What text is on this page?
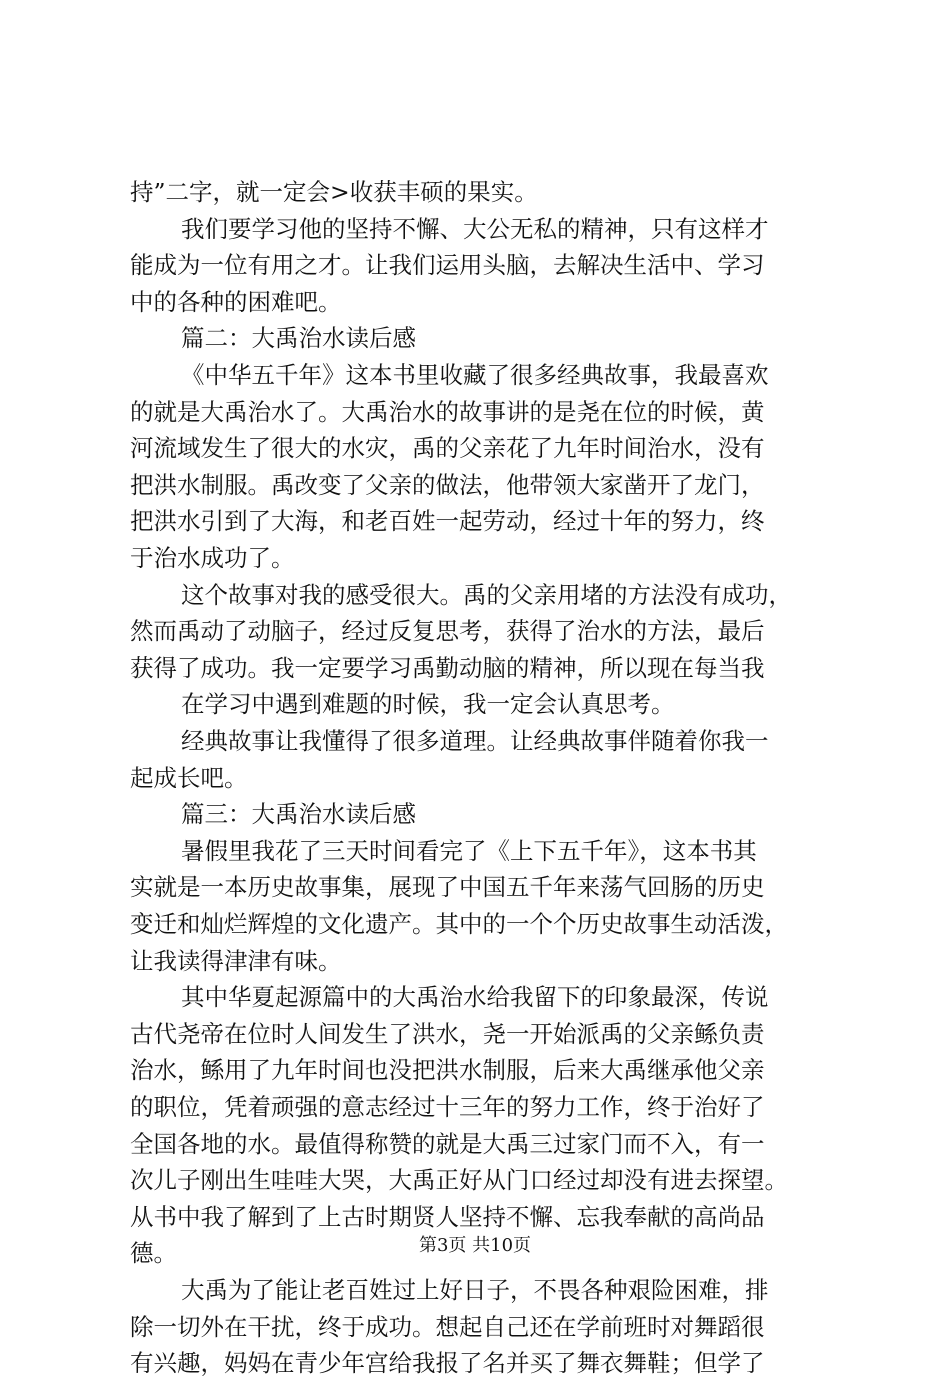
持”二字，就一定会>收获丰硕的果实。
我们要学习他的坚持不懈、大公无私的精神，只有这样才
能成为一位有用之才。让我们运用头脑，去解决生活中、学习
中的各种的困难吧。
篇二：大禹治水读后感
《中华五千年》这本书里收藏了很多经典故事，我最喜欢
的就是大禹治水了。大禹治水的故事讲的是尧在位的时候，黄
河流域发生了很大的水灾，禹的父亲花了九年时间治水，没有
把洪水制服。禹改变了父亲的做法，他带领大家凿开了龙门，
把洪水引到了大海，和老百姓一起劳动，经过十年的努力，终
于治水成功了。
这个故事对我的感受很大。禹的父亲用堵的方法没有成功，
然而禹动了动脑子，经过反复思考，获得了治水的方法，最后
获得了成功。我一定要学习禹勤动脑的精神，所以现在每当我
在学习中遇到难题的时候，我一定会认真思考。
经典故事让我懂得了很多道理。让经典故事伴随着你我一
起成长吧。
篇三：大禹治水读后感
暑假里我花了三天时间看完了《上下五千年》，这本书其
实就是一本历史故事集，展现了中国五千年来荡气回肠的历史
变迁和灿烂辉煌的文化遗产。其中的一个个历史故事生动活泼，
让我读得津津有味。
其中华夏起源篇中的大禹治水给我留下的印象最深，传说
古代尧帝在位时人间发生了洪水，尧一开始派禹的父亲鲧负责
治水，鲧用了九年时间也没把洪水制服，后来大禹继承他父亲
的职位，凭着顽强的意志经过十三年的努力工作，终于治好了
全国各地的水。最值得称赞的就是大禹三过家门而不入，有一
次儿子刚出生哇哇大哭，大禹正好从门口经过却没有进去探望。
从书中我了解到了上古时期贤人坚持不懈、忘我奉献的高尚品
德。
大禹为了能让老百姓过上好日子，不畏各种艰险困难，排
除一切外在干扰，终于成功。想起自己还在学前班时对舞蹈很
有兴趣，妈妈在青少年宫给我报了名并买了舞衣舞鞋；但学了
第3页 共10页
